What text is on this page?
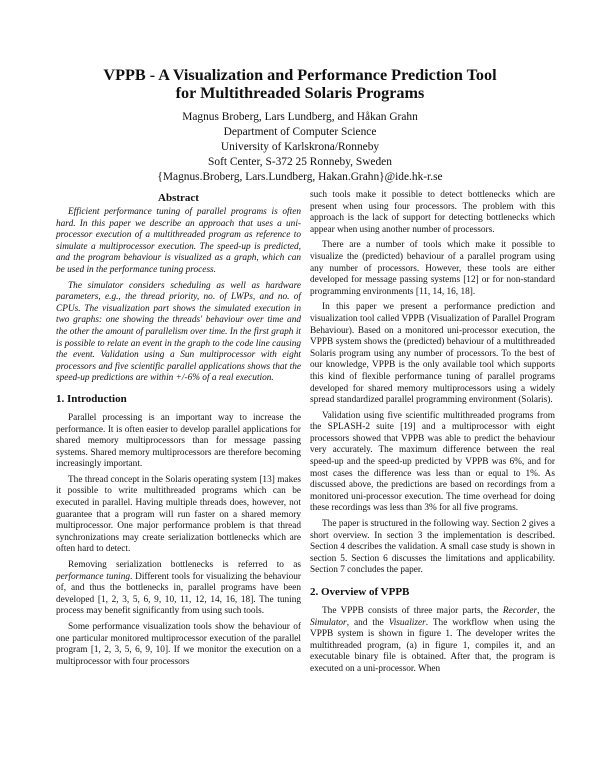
VPPB - A Visualization and Performance Prediction Tool
for Multithreaded Solaris Programs
Magnus Broberg, Lars Lundberg, and Håkan Grahn
Department of Computer Science
University of Karlskrona/Ronneby
Soft Center, S-372 25 Ronneby, Sweden
{Magnus.Broberg, Lars.Lundberg, Hakan.Grahn}@ide.hk-r.se
Abstract

Efficient performance tuning of parallel programs is often hard. In this paper we describe an approach that uses a uni-processor execution of a multithreaded program as reference to simulate a multiprocessor execution. The speed-up is predicted, and the program behaviour is visualized as a graph, which can be used in the performance tuning process.

The simulator considers scheduling as well as hardware parameters, e.g., the thread priority, no. of LWPs, and no. of CPUs. The visualization part shows the simulated execution in two graphs: one showing the threads' behaviour over time and the other the amount of parallelism over time. In the first graph it is possible to relate an event in the graph to the code line causing the event. Validation using a Sun multiprocessor with eight processors and five scientific parallel applications shows that the speed-up predictions are within +/-6% of a real execution.

1. Introduction

Parallel processing is an important way to increase the performance. It is often easier to develop parallel applications for shared memory multiprocessors than for message passing systems. Shared memory multiprocessors are therefore becoming increasingly important.

The thread concept in the Solaris operating system [13] makes it possible to write multithreaded programs which can be executed in parallel. Having multiple threads does, however, not guarantee that a program will run faster on a shared memory multiprocessor. One major performance problem is that thread synchronizations may create serialization bottlenecks which are often hard to detect.

Removing serialization bottlenecks is referred to as performance tuning. Different tools for visualizing the behaviour of, and thus the bottlenecks in, parallel programs have been developed [1, 2, 3, 5, 6, 9, 10, 11, 12, 14, 16, 18]. The tuning process may benefit significantly from using such tools.

Some performance visualization tools show the behaviour of one particular monitored multiprocessor execution of the parallel program [1, 2, 3, 5, 6, 9, 10]. If we monitor the execution on a multiprocessor with four processors

such tools make it possible to detect bottlenecks which are present when using four processors. The problem with this approach is the lack of support for detecting bottlenecks which appear when using another number of processors.

There are a number of tools which make it possible to visualize the (predicted) behaviour of a parallel program using any number of processors. However, these tools are either developed for message passing systems [12] or for non-standard programming environments [11, 14, 16, 18].

In this paper we present a performance prediction and visualization tool called VPPB (Visualization of Parallel Program Behaviour). Based on a monitored uni-processor execution, the VPPB system shows the (predicted) behaviour of a multithreaded Solaris program using any number of processors. To the best of our knowledge, VPPB is the only available tool which supports this kind of flexible performance tuning of parallel programs developed for shared memory multiprocessors using a widely spread standardized parallel programming environment (Solaris).

Validation using five scientific multithreaded programs from the SPLASH-2 suite [19] and a multiprocessor with eight processors showed that VPPB was able to predict the behaviour very accurately. The maximum difference between the real speed-up and the speed-up predicted by VPPB was 6%, and for most cases the difference was less than or equal to 1%. As discussed above, the predictions are based on recordings from a monitored uni-processor execution. The time overhead for doing these recordings was less than 3% for all five programs.

The paper is structured in the following way. Section 2 gives a short overview. In section 3 the implementation is described. Section 4 describes the validation. A small case study is shown in section 5. Section 6 discusses the limitations and applicability. Section 7 concludes the paper.

2. Overview of VPPB

The VPPB consists of three major parts, the Recorder, the Simulator, and the Visualizer. The workflow when using the VPPB system is shown in figure 1. The developer writes the multithreaded program, (a) in figure 1, compiles it, and an executable binary file is obtained. After that, the program is executed on a uni-processor. When
